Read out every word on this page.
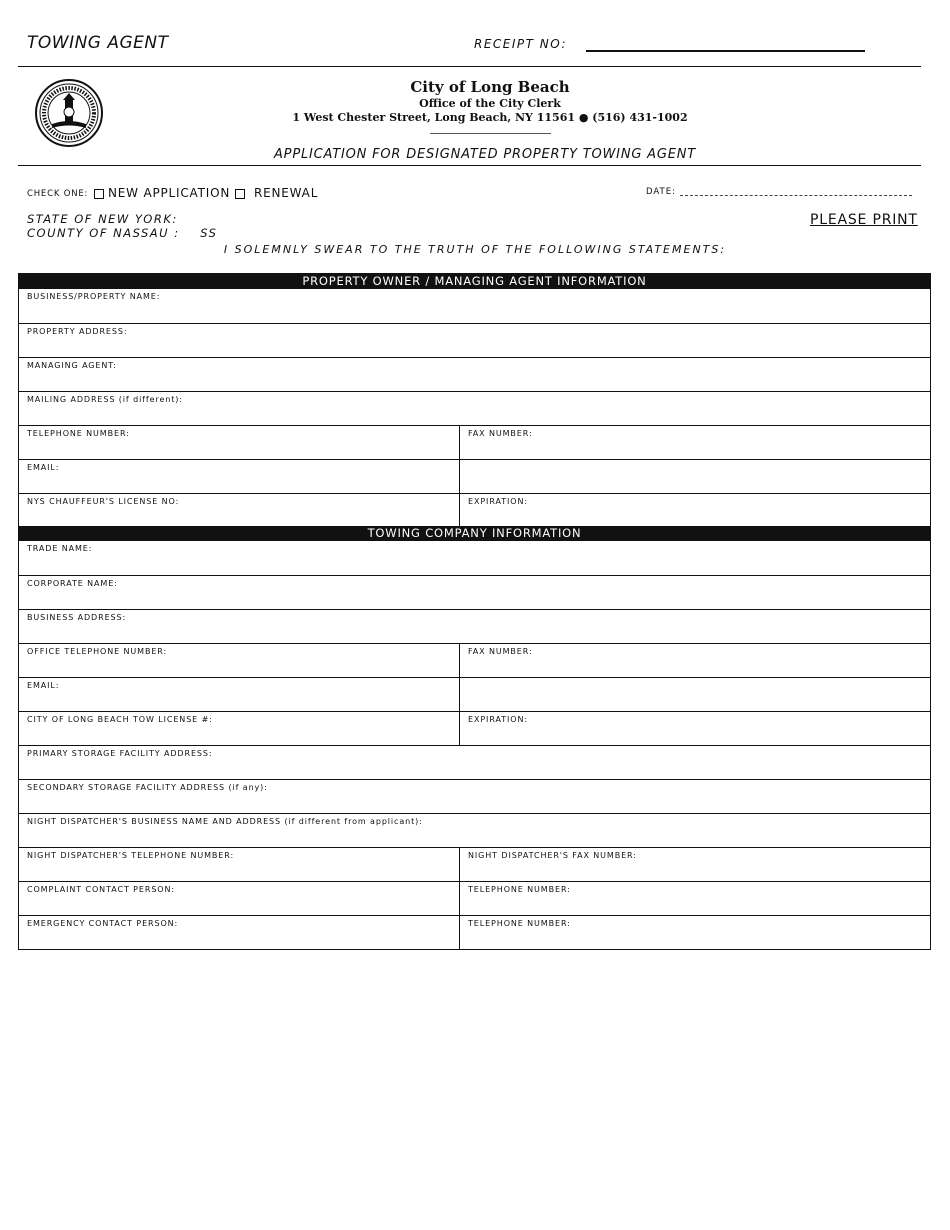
TOWING AGENT	RECEIPT NO:
City of Long Beach
Office of the City Clerk
1 West Chester Street, Long Beach, NY 11561 ● (516) 431-1002
APPLICATION FOR DESIGNATED PROPERTY TOWING AGENT
CHECK ONE: NEW APPLICATION RENEWAL	DATE:
STATE OF NEW YORK:
COUNTY OF NASSAU :    SS
PLEASE PRINT
I SOLEMNLY SWEAR TO THE TRUTH OF THE FOLLOWING STATEMENTS:
PROPERTY OWNER / MANAGING AGENT INFORMATION
BUSINESS/PROPERTY NAME:
PROPERTY ADDRESS:
MANAGING AGENT:
MAILING ADDRESS (if different):
TELEPHONE NUMBER:	FAX NUMBER:
EMAIL:
NYS CHAUFFEUR'S LICENSE NO:	EXPIRATION:
TOWING COMPANY INFORMATION
TRADE NAME:
CORPORATE NAME:
BUSINESS ADDRESS:
OFFICE TELEPHONE NUMBER:	FAX NUMBER:
EMAIL:
CITY OF LONG BEACH TOW LICENSE #:	EXPIRATION:
PRIMARY STORAGE FACILITY ADDRESS:
SECONDARY STORAGE FACILITY ADDRESS (if any):
NIGHT DISPATCHER'S BUSINESS NAME AND ADDRESS (if different from applicant):
NIGHT DISPATCHER'S TELEPHONE NUMBER:	NIGHT DISPATCHER'S FAX NUMBER:
COMPLAINT CONTACT PERSON:	TELEPHONE NUMBER:
EMERGENCY CONTACT PERSON:	TELEPHONE NUMBER:
